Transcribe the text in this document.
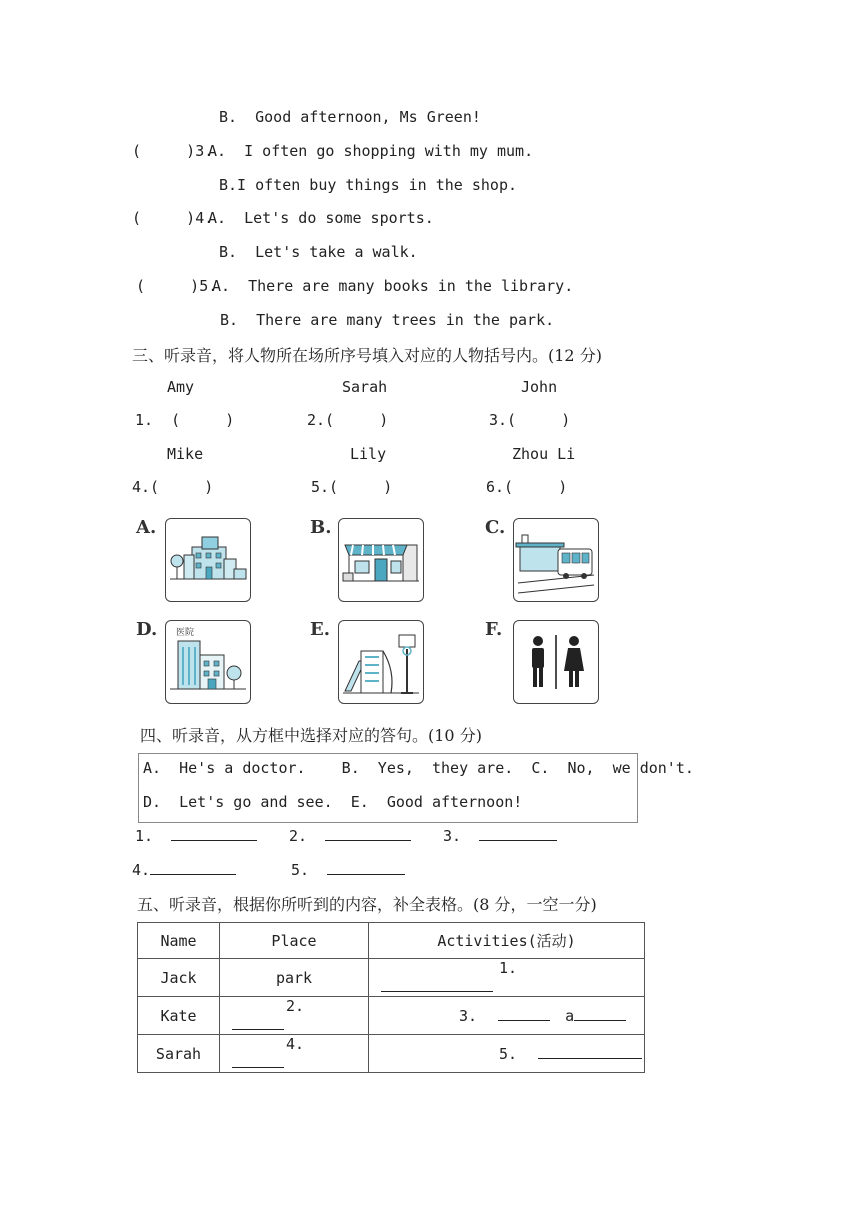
B.  Good afternoon, Ms Green!
(     )3.
A.  I often go shopping with my mum.
B.I often buy things in the shop.
(     )4.
A.  Let's do some sports.
B.  Let's take a walk.
(     )5.
A.  There are many books in the library.
B.  There are many trees in the park.
三、听录音，将人物所在场所序号填入对应的人物括号内。(12 分)
Amy	Sarah	John
1.  (     )	2.(     )	3.(     )
Mike	Lily	Zhou Li
4.(     )	5.(     )	6.(     )
A.	B.	C.
D.	E.	F.
医院
四、听录音，从方框中选择对应的答句。(10 分)
A.  He's a doctor.    B.  Yes,  they are.  C.  No,  we don't.
D.  Let's go and see.  E.  Good afternoon!
1.	2.	3.
4.	5.
五、听录音，根据你所听到的内容，补全表格。(8 分，一空一分)
Name	Place	Activities(活动)
Jack	park	1.
Kate	2.	3. a
Sarah	4.	5.
